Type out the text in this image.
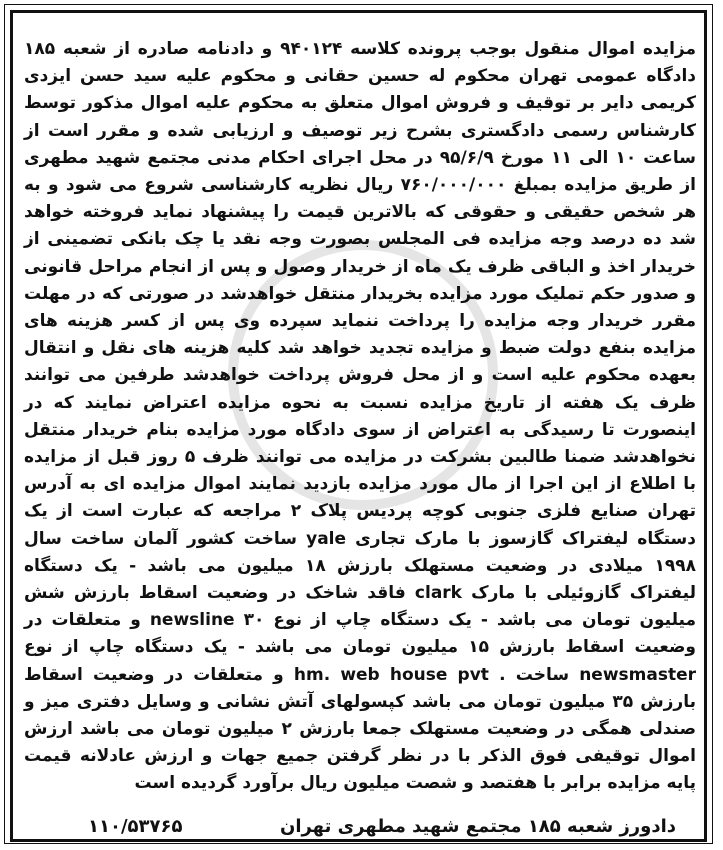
مزایده اموال منقول بوجب پرونده کلاسه ۹۴۰۱۲۴ و دادنامه صادره از شعبه ۱۸۵ دادگاه عمومی تهران محکوم له حسین حقانی و محکوم علیه سید حسن ایزدی کریمی دایر بر توقیف و فروش اموال متعلق به محکوم علیه اموال مذکور توسط کارشناس رسمی دادگستری بشرح زیر توصیف و ارزیابی شده و مقرر است از ساعت ۱۰ الی ۱۱ مورخ ۹۵/۶/۹ در محل اجرای احکام مدنی مجتمع شهید مطهری از طریق مزایده بمبلغ ۷۶۰/۰۰۰/۰۰۰ ریال نظریه کارشناسی شروع می شود و به هر شخص حقیقی و حقوقی که بالاترین قیمت را پیشنهاد نماید فروخته خواهد شد ده درصد وجه مزایده فی المجلس بصورت وجه نقد یا چک بانکی تضمینی از خریدار اخذ و الباقی ظرف یک ماه از خریدار وصول و پس از انجام مراحل قانونی و صدور حکم تملیک مورد مزایده بخریدار منتقل خواهدشد در صورتی که در مهلت مقرر خریدار وجه مزایده را پرداخت ننماید سپرده وی پس از کسر هزینه های مزایده بنفع دولت ضبط و مزایده تجدید خواهد شد کلیه هزینه های نقل و انتقال بعهده محکوم علیه است و از محل فروش پرداخت خواهدشد طرفین می توانند ظرف یک هفته از تاریخ مزایده نسبت به نحوه مزایده اعتراض نمایند که در اینصورت تا رسیدگی به اعتراض از سوی دادگاه مورد مزایده بنام خریدار منتقل نخواهدشد ضمنا طالبین بشرکت در مزایده می توانند ظرف ۵ روز قبل از مزایده با اطلاع از این اجرا از مال مورد مزایده بازدید نمایند اموال مزایده ای به آدرس تهران صنایع فلزی جنوبی کوچه پردیس پلاک ۲ مراجعه که عبارت است از یک دستگاه لیفتراک گازسوز با مارک تجاری yale ساخت کشور آلمان ساخت سال ۱۹۹۸ میلادی در وضعیت مستهلک بارزش ۱۸ میلیون می باشد - یک دستگاه لیفتراک گازوئیلی با مارک clark فاقد شاخک در وضعیت اسقاط بارزش شش میلیون تومان می باشد - یک دستگاه چاپ از نوع ۳۰ newsline و متعلقات در وضعیت اسقاط بارزش ۱۵ میلیون تومان می باشد - یک دستگاه چاپ از نوع newsmaster ساخت . hm. web house pvt و متعلقات در وضعیت اسقاط بارزش ۳۵ میلیون تومان می باشد کپسولهای آتش نشانی و وسایل دفتری میز و صندلی همگی در وضعیت مستهلک جمعا بارزش ۲ میلیون تومان می باشد ارزش اموال توقیفی فوق الذکر با در نظر گرفتن جمیع جهات و ارزش عادلانه قیمت پایه مزایده برابر با هفتصد و شصت میلیون ریال برآورد گردیده است

دادورز شعبه ۱۸۵ مجتمع شهید مطهری تهران
۱۱۰/۵۳۷۶۵
